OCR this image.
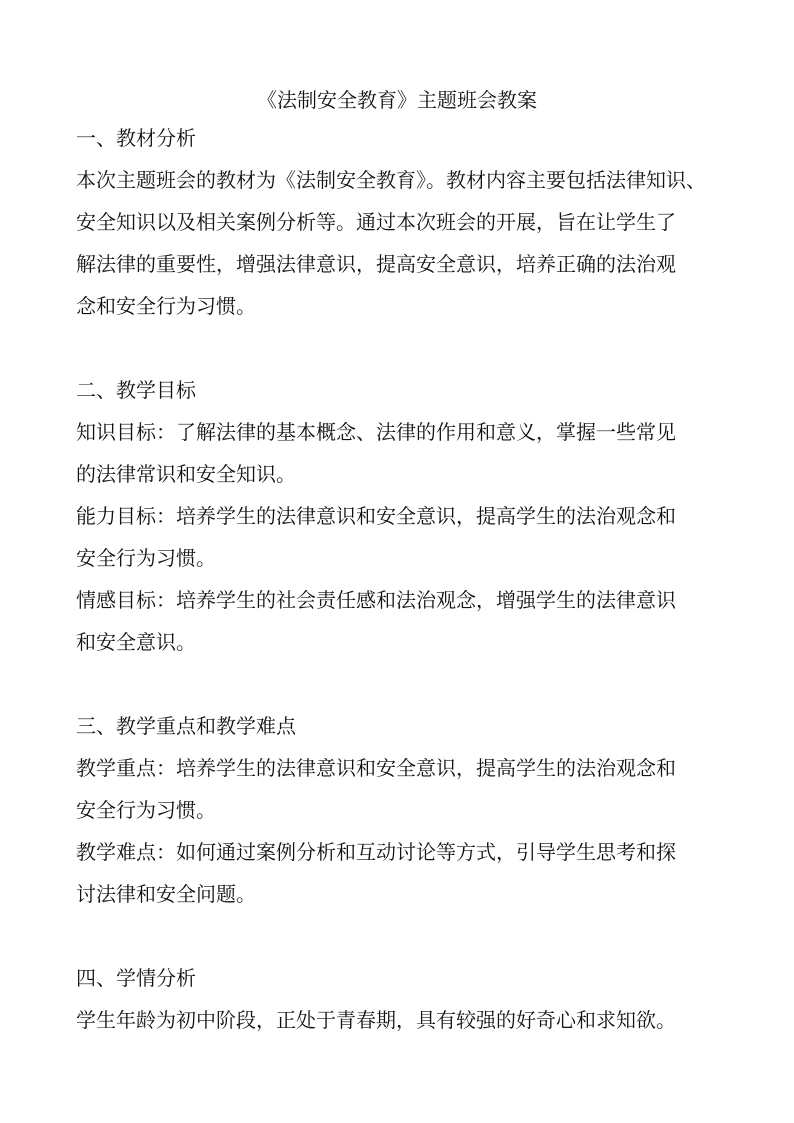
《法制安全教育》主题班会教案
一、教材分析

本次主题班会的教材为《法制安全教育》。教材内容主要包括法律知识、
安全知识以及相关案例分析等。通过本次班会的开展，旨在让学生了
解法律的重要性，增强法律意识，提高安全意识，培养正确的法治观
念和安全行为习惯。

二、教学目标

知识目标：了解法律的基本概念、法律的作用和意义，掌握一些常见
的法律常识和安全知识。

能力目标：培养学生的法律意识和安全意识，提高学生的法治观念和
安全行为习惯。

情感目标：培养学生的社会责任感和法治观念，增强学生的法律意识
和安全意识。

三、教学重点和教学难点

教学重点：培养学生的法律意识和安全意识，提高学生的法治观念和
安全行为习惯。

教学难点：如何通过案例分析和互动讨论等方式，引导学生思考和探
讨法律和安全问题。

四、学情分析

学生年龄为初中阶段，正处于青春期，具有较强的好奇心和求知欲。
